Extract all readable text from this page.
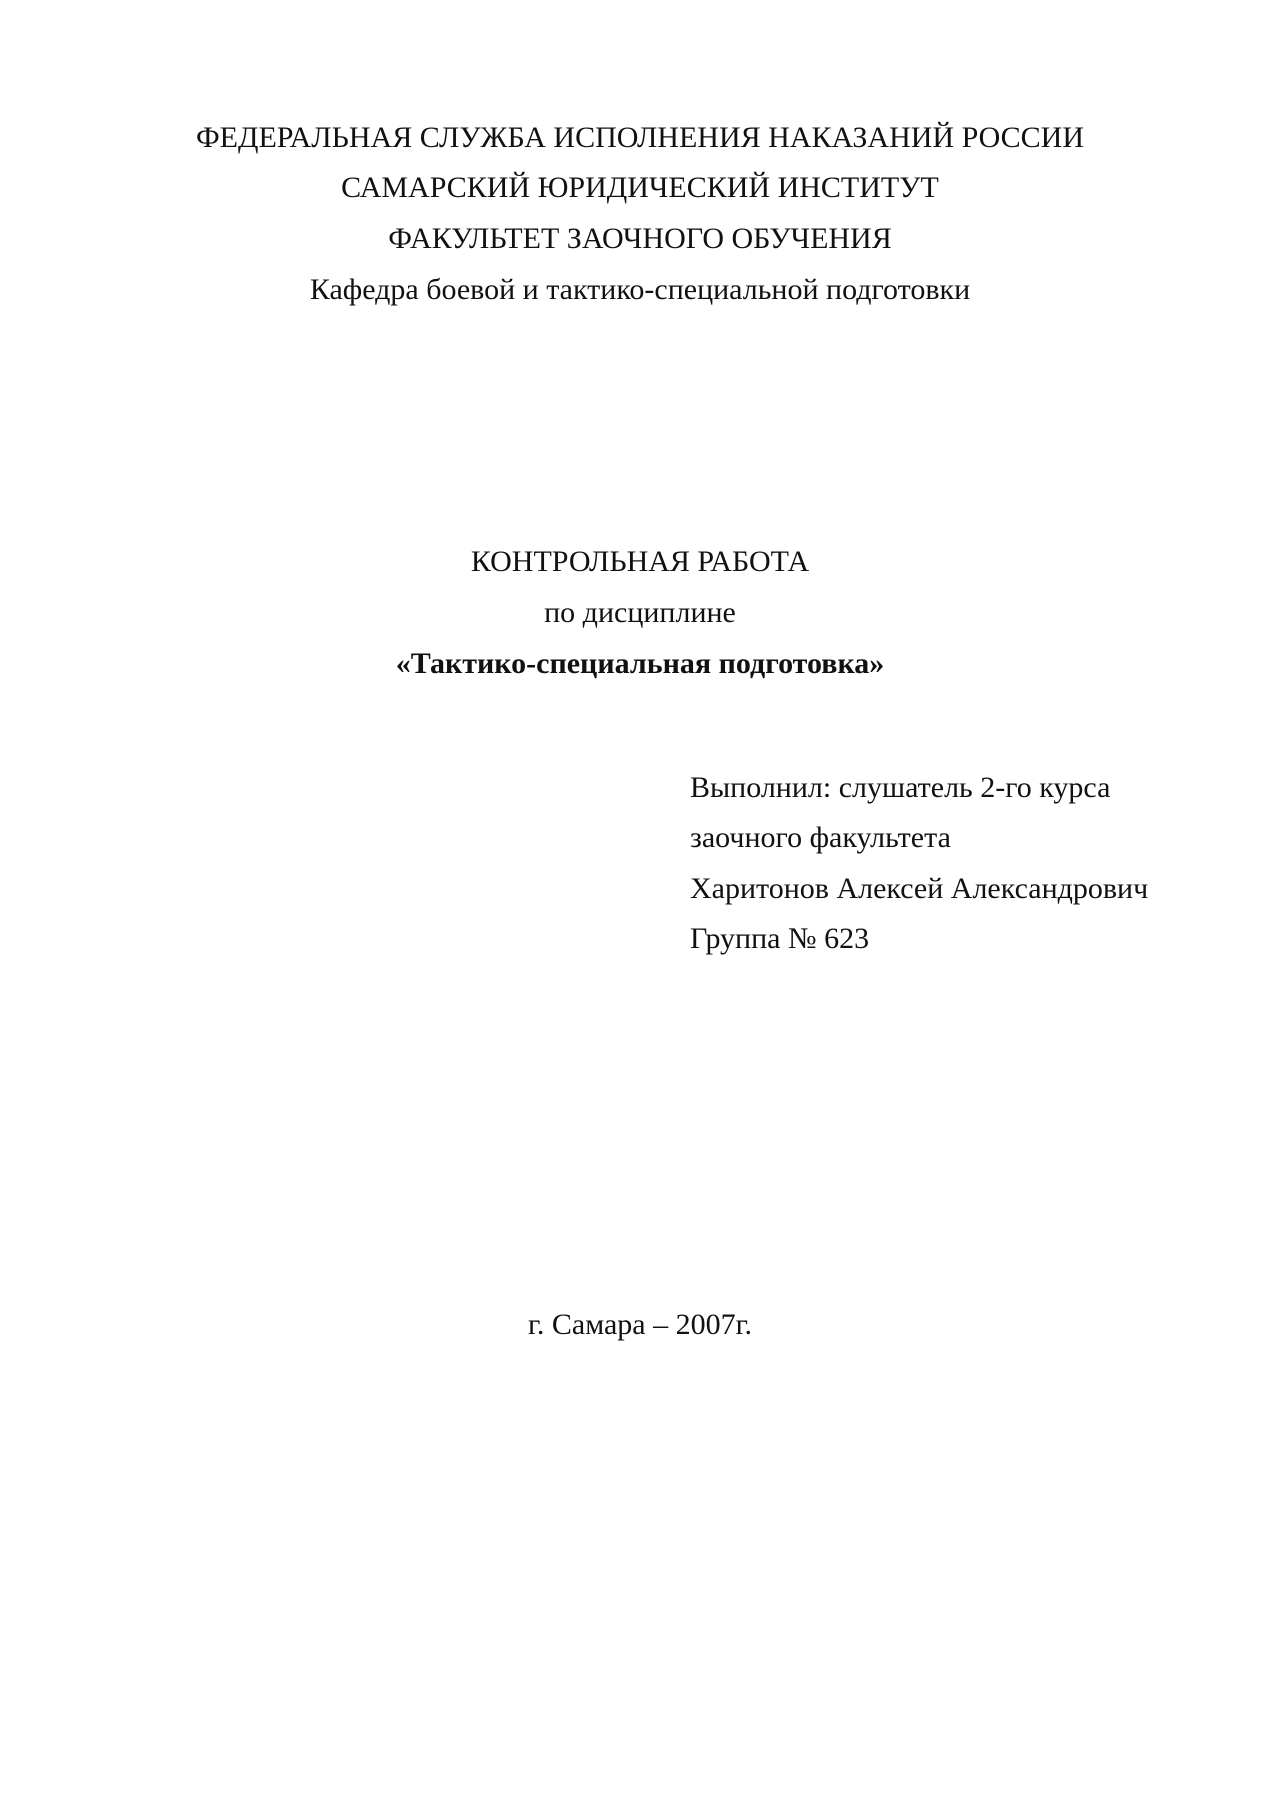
ФЕДЕРАЛЬНАЯ СЛУЖБА ИСПОЛНЕНИЯ НАКАЗАНИЙ РОССИИ

САМАРСКИЙ ЮРИДИЧЕСКИЙ ИНСТИТУТ

ФАКУЛЬТЕТ ЗАОЧНОГО ОБУЧЕНИЯ

Кафедра боевой и тактико-специальной подготовки

КОНТРОЛЬНАЯ РАБОТА

по дисциплине

«Тактико-специальная подготовка»

Выполнил: слушатель 2-го курса

заочного факультета

Харитонов Алексей Александрович

Группа № 623

г. Самара – 2007г.
